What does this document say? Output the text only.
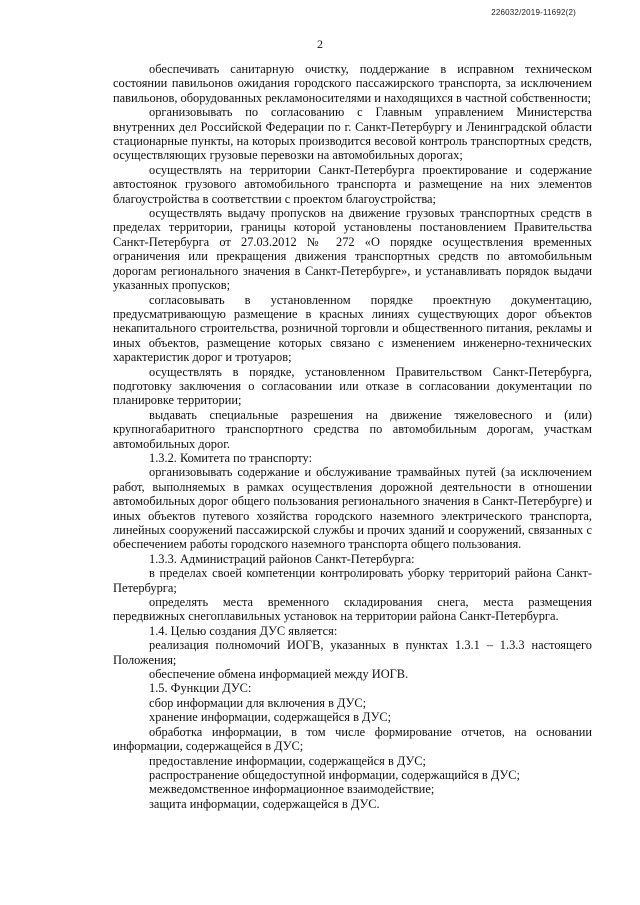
226032/2019-11692(2)
2

обеспечивать санитарную очистку, поддержание в исправном техническом состоянии павильонов ожидания городского пассажирского транспорта, за исключением павильонов, оборудованных рекламоносителями и находящихся в частной собственности;

организовывать по согласованию с Главным управлением Министерства внутренних дел Российской Федерации по г. Санкт-Петербургу и Ленинградской области стационарные пункты, на которых производится весовой контроль транспортных средств, осуществляющих грузовые перевозки на автомобильных дорогах;

осуществлять на территории Санкт-Петербурга проектирование и содержание автостоянок грузового автомобильного транспорта и размещение на них элементов благоустройства в соответствии с проектом благоустройства;

осуществлять выдачу пропусков на движение грузовых транспортных средств в пределах территории, границы которой установлены постановлением Правительства Санкт-Петербурга от 27.03.2012 № 272 «О порядке осуществления временных ограничения или прекращения движения транспортных средств по автомобильным дорогам регионального значения в Санкт-Петербурге», и устанавливать порядок выдачи указанных пропусков;

согласовывать в установленном порядке проектную документацию, предусматривающую размещение в красных линиях существующих дорог объектов некапитального строительства, розничной торговли и общественного питания, рекламы и иных объектов, размещение которых связано с изменением инженерно-технических характеристик дорог и тротуаров;

осуществлять в порядке, установленном Правительством Санкт-Петербурга, подготовку заключения о согласовании или отказе в согласовании документации по планировке территории;

выдавать специальные разрешения на движение тяжеловесного и (или) крупногабаритного транспортного средства по автомобильным дорогам, участкам автомобильных дорог.

1.3.2. Комитета по транспорту:

организовывать содержание и обслуживание трамвайных путей (за исключением работ, выполняемых в рамках осуществления дорожной деятельности в отношении автомобильных дорог общего пользования регионального значения в Санкт-Петербурге) и иных объектов путевого хозяйства городского наземного электрического транспорта, линейных сооружений пассажирской службы и прочих зданий и сооружений, связанных с обеспечением работы городского наземного транспорта общего пользования.

1.3.3. Администраций районов Санкт-Петербурга:

в пределах своей компетенции контролировать уборку территорий района Санкт-Петербурга;

определять места временного складирования снега, места размещения передвижных снегоплавильных установок на территории района Санкт-Петербурга.

1.4. Целью создания ДУС является:

реализация полномочий ИОГВ, указанных в пунктах 1.3.1 – 1.3.3 настоящего Положения;

обеспечение обмена информацией между ИОГВ.

1.5. Функции ДУС:

сбор информации для включения в ДУС;

хранение информации, содержащейся в ДУС;

обработка информации, в том числе формирование отчетов, на основании информации, содержащейся в ДУС;

предоставление информации, содержащейся в ДУС;

распространение общедоступной информации, содержащийся в ДУС;

межведомственное информационное взаимодействие;

защита информации, содержащейся в ДУС.
